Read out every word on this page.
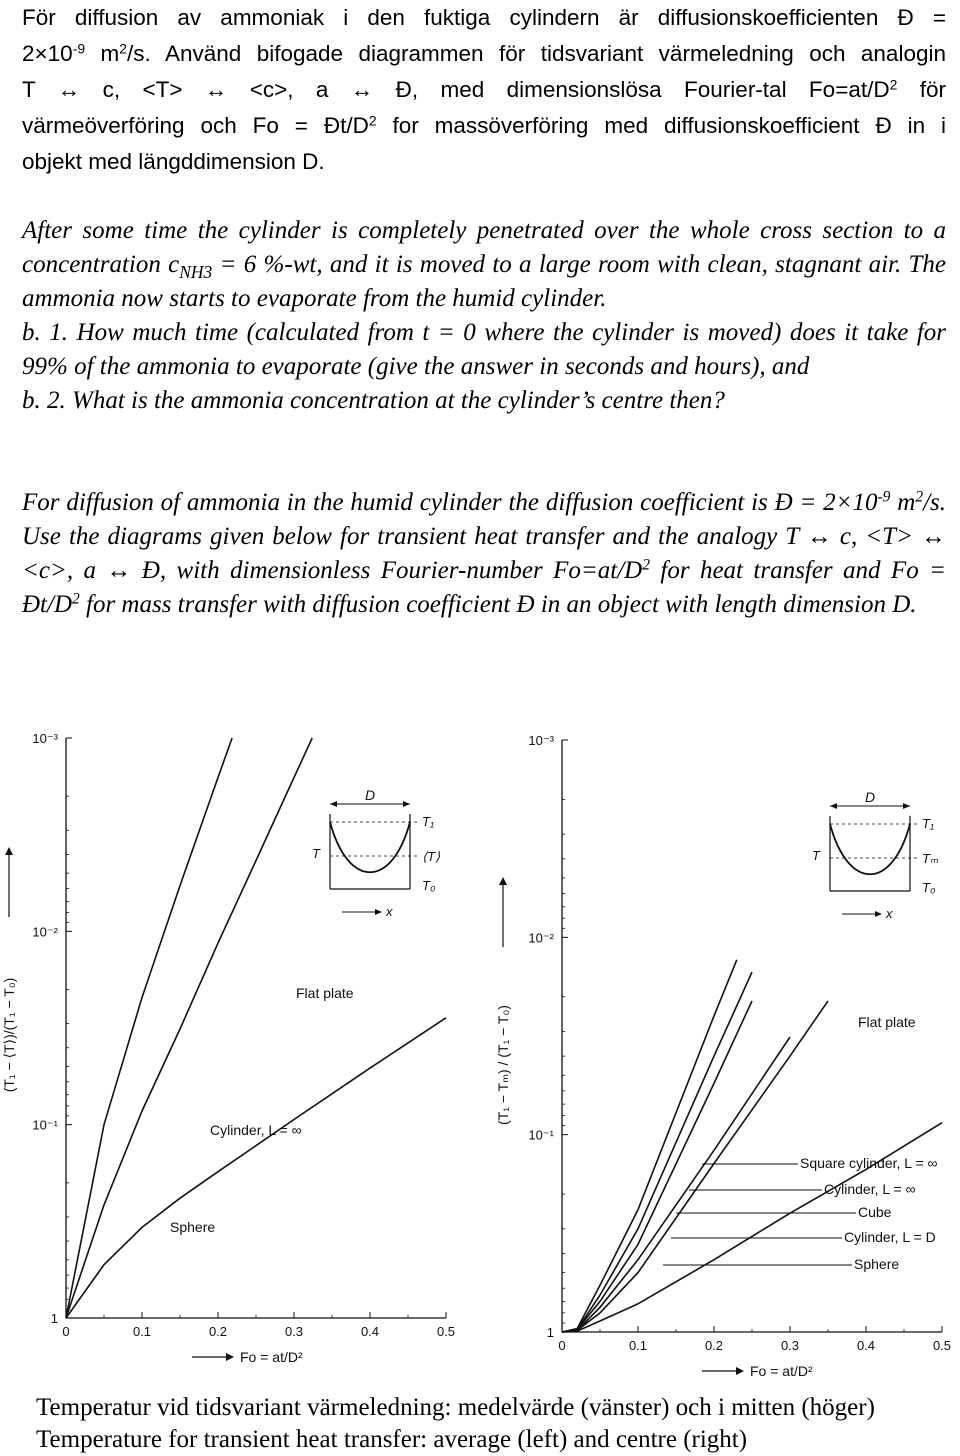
För diffusion av ammoniak i den fuktiga cylindern är diffusionskoefficienten Ð =
$2\times 10^{-9}$ $m^2/s$. Använd bifogade diagrammen för tidsvariant värmeledning och analogin
T ↔ c, <T> ↔ <c>, a ↔ Ð, med dimensionslösa Fourier-tal $Fo=at/D^2$ för
värmeöverföring och $Fo = Ðt/D^2$ for massöverföring med diffusionskoefficient Ð in i
objekt med längddimension D.
After some time the cylinder is completely penetrated over the whole cross section to a concentration $c_{NH3} = 6$ %-wt, and it is moved to a large room with clean, stagnant air. The ammonia now starts to evaporate from the humid cylinder.
b. 1. How much time (calculated from t = 0 where the cylinder is moved) does it take for 99% of the ammonia to evaporate (give the answer in seconds and hours), and
b. 2. What is the ammonia concentration at the cylinder’s centre then?
For diffusion of ammonia in the humid cylinder the diffusion coefficient is Ð = $2\times 10^{-9}$ $m^2/s$. Use the diagrams given below for transient heat transfer and the analogy T ↔ c, <T> ↔ <c>, a ↔ Ð, with dimensionless Fourier-number $Fo=at/D^2$ for heat transfer and $Fo = Ðt/D^2$ for mass transfer with diffusion coefficient Ð in an object with length dimension D.
1
10⁻¹
10⁻²
10⁻³
0	0.1	0.2	0.3	0.4	0.5
Fo = at/D²
(T₁ − ⟨T⟩)/(T₁ − T₀)
Sphere
Cylinder, L = ∞
Flat plate
D
T₁
⟨T⟩
T₀
T
x
1
10⁻¹
10⁻²
10⁻³
0	0.1	0.2	0.3	0.4	0.5
Fo = at/D²
(T₁ − Tₘ) / (T₁ − T₀)	Flat plate
Square cylinder, L = ∞
Cylinder, L = ∞
Cube
Cylinder, L = D
Sphere
D
T₁
Tₘ
T₀
T
x
Temperatur vid tidsvariant värmeledning: medelvärde (vänster) och i mitten (höger)
Temperature for transient heat transfer: average (left) and centre (right)
